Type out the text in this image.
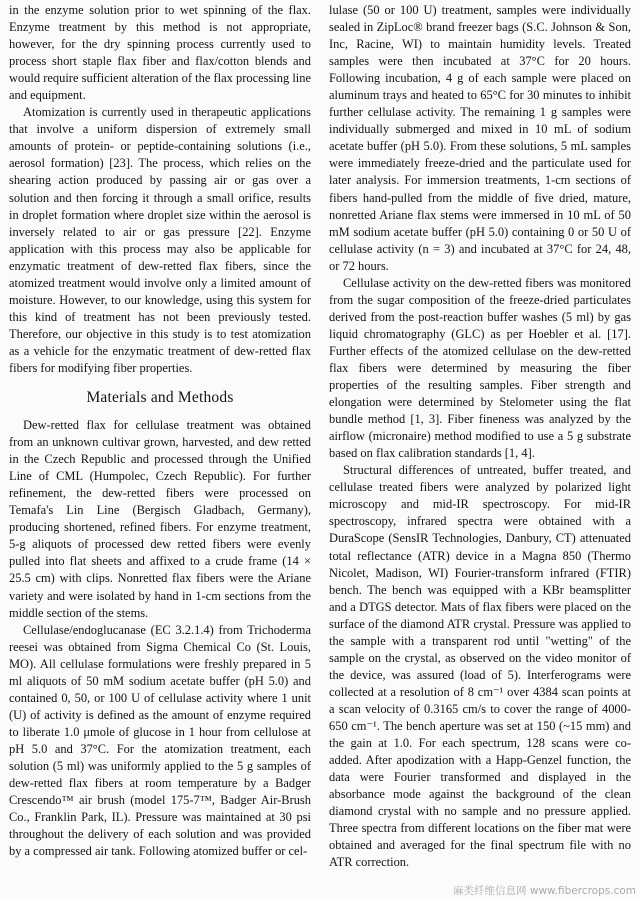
in the enzyme solution prior to wet spinning of the flax. Enzyme treatment by this method is not appropriate, however, for the dry spinning process currently used to process short staple flax fiber and flax/cotton blends and would require sufficient alteration of the flax processing line and equipment.

Atomization is currently used in therapeutic applications that involve a uniform dispersion of extremely small amounts of protein- or peptide-containing solutions (i.e., aerosol formation) [23]. The process, which relies on the shearing action produced by passing air or gas over a solution and then forcing it through a small orifice, results in droplet formation where droplet size within the aerosol is inversely related to air or gas pressure [22]. Enzyme application with this process may also be applicable for enzymatic treatment of dew-retted flax fibers, since the atomized treatment would involve only a limited amount of moisture. However, to our knowledge, using this system for this kind of treatment has not been previously tested. Therefore, our objective in this study is to test atomization as a vehicle for the enzymatic treatment of dew-retted flax fibers for modifying fiber properties.

Materials and Methods

Dew-retted flax for cellulase treatment was obtained from an unknown cultivar grown, harvested, and dew retted in the Czech Republic and processed through the Unified Line of CML (Humpolec, Czech Republic). For further refinement, the dew-retted fibers were processed on Temafa's Lin Line (Bergisch Gladbach, Germany), producing shortened, refined fibers. For enzyme treatment, 5-g aliquots of processed dew retted fibers were evenly pulled into flat sheets and affixed to a crude frame (14 × 25.5 cm) with clips. Nonretted flax fibers were the Ariane variety and were isolated by hand in 1-cm sections from the middle section of the stems.

Cellulase/endoglucanase (EC 3.2.1.4) from Trichoderma reesei was obtained from Sigma Chemical Co (St. Louis, MO). All cellulase formulations were freshly prepared in 5 ml aliquots of 50 mM sodium acetate buffer (pH 5.0) and contained 0, 50, or 100 U of cellulase activity where 1 unit (U) of activity is defined as the amount of enzyme required to liberate 1.0 μmole of glucose in 1 hour from cellulose at pH 5.0 and 37°C. For the atomization treatment, each solution (5 ml) was uniformly applied to the 5 g samples of dew-retted flax fibers at room temperature by a Badger Crescendo™ air brush (model 175-7™, Badger Air-Brush Co., Franklin Park, IL). Pressure was maintained at 30 psi throughout the delivery of each solution and was provided by a compressed air tank. Following atomized buffer or cel-

lulase (50 or 100 U) treatment, samples were individually sealed in ZipLoc® brand freezer bags (S.C. Johnson & Son, Inc, Racine, WI) to maintain humidity levels. Treated samples were then incubated at 37°C for 20 hours. Following incubation, 4 g of each sample were placed on aluminum trays and heated to 65°C for 30 minutes to inhibit further cellulase activity. The remaining 1 g samples were individually submerged and mixed in 10 mL of sodium acetate buffer (pH 5.0). From these solutions, 5 mL samples were immediately freeze-dried and the particulate used for later analysis. For immersion treatments, 1-cm sections of fibers hand-pulled from the middle of five dried, mature, nonretted Ariane flax stems were immersed in 10 mL of 50 mM sodium acetate buffer (pH 5.0) containing 0 or 50 U of cellulase activity (n = 3) and incubated at 37°C for 24, 48, or 72 hours.

Cellulase activity on the dew-retted fibers was monitored from the sugar composition of the freeze-dried particulates derived from the post-reaction buffer washes (5 ml) by gas liquid chromatography (GLC) as per Hoebler et al. [17]. Further effects of the atomized cellulase on the dew-retted flax fibers were determined by measuring the fiber properties of the resulting samples. Fiber strength and elongation were determined by Stelometer using the flat bundle method [1, 3]. Fiber fineness was analyzed by the airflow (micronaire) method modified to use a 5 g substrate based on flax calibration standards [1, 4].

Structural differences of untreated, buffer treated, and cellulase treated fibers were analyzed by polarized light microscopy and mid-IR spectroscopy. For mid-IR spectroscopy, infrared spectra were obtained with a DuraScope (SensIR Technologies, Danbury, CT) attenuated total reflectance (ATR) device in a Magna 850 (Thermo Nicolet, Madison, WI) Fourier-transform infrared (FTIR) bench. The bench was equipped with a KBr beamsplitter and a DTGS detector. Mats of flax fibers were placed on the surface of the diamond ATR crystal. Pressure was applied to the sample with a transparent rod until "wetting" of the sample on the crystal, as observed on the video monitor of the device, was assured (load of 5). Interferograms were collected at a resolution of 8 cm⁻¹ over 4384 scan points at a scan velocity of 0.3165 cm/s to cover the range of 4000-650 cm⁻¹. The bench aperture was set at 150 (~15 mm) and the gain at 1.0. For each spectrum, 128 scans were co-added. After apodization with a Happ-Genzel function, the data were Fourier transformed and displayed in the absorbance mode against the background of the clean diamond crystal with no sample and no pressure applied. Three spectra from different locations on the fiber mat were obtained and averaged for the final spectrum file with no ATR correction.

麻类纤维信息网 www.fibercrops.com
